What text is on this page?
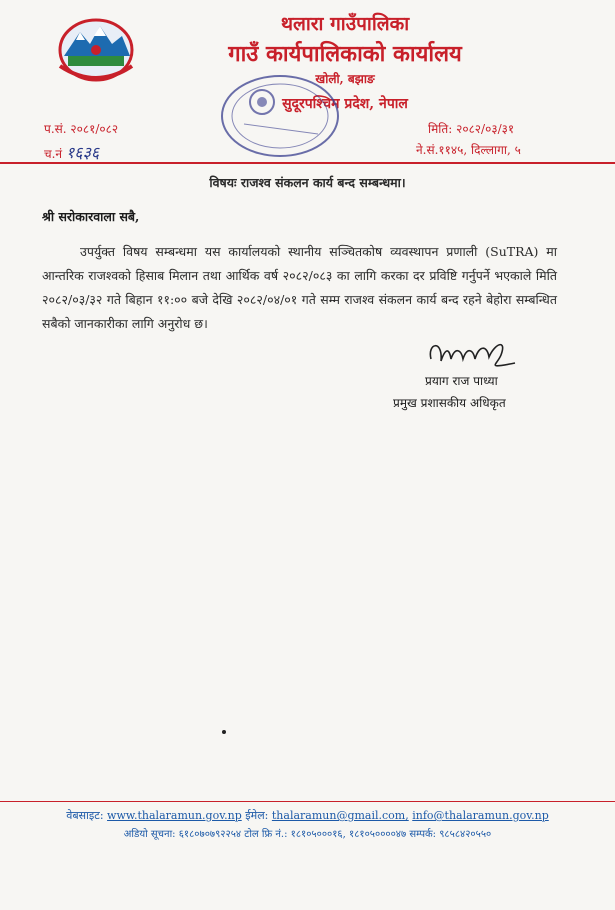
थलारा गाउँपालिका
गाउँ कार्यपालिकाको कार्यालय
खोली, बझाङ
सुदूरपश्चिम प्रदेश, नेपाल
प.सं. २०८१/०८२
च.नं १६३६
मिति: २०८२/०३/३१
ने.सं.११४५, दिल्लागा, ५
विषयः राजश्व संकलन कार्य बन्द सम्बन्धमा।
श्री सरोकारवाला सबै,
उपर्युक्त विषय सम्बन्धमा यस कार्यालयको स्थानीय सञ्चितकोष व्यवस्थापन प्रणाली (SuTRA) मा आन्तरिक राजश्वको हिसाब मिलान तथा आर्थिक वर्ष २०८२/०८३ का लागि करका दर प्रविष्टि गर्नुपर्ने भएकाले मिति २०८२/०३/३२ गते बिहान ११:०० बजे देखि २०८२/०४/०१ गते सम्म राजश्व संकलन कार्य बन्द रहने बेहोरा सम्बन्धित सबैको जानकारीका लागि अनुरोध छ।
प्रयाग राज पाध्या
प्रमुख प्रशासकीय अधिकृत
वेबसाइट: www.thalaramun.gov.np ईमेल: thalaramun@gmail.com, info@thalaramun.gov.np
अडियो सूचना: ६१८०७०७९२२५४ टोल फ्रि नं.: १८१०५०००१६, १८१०५००००४७ सम्पर्क: ९८५८४२०५५०
